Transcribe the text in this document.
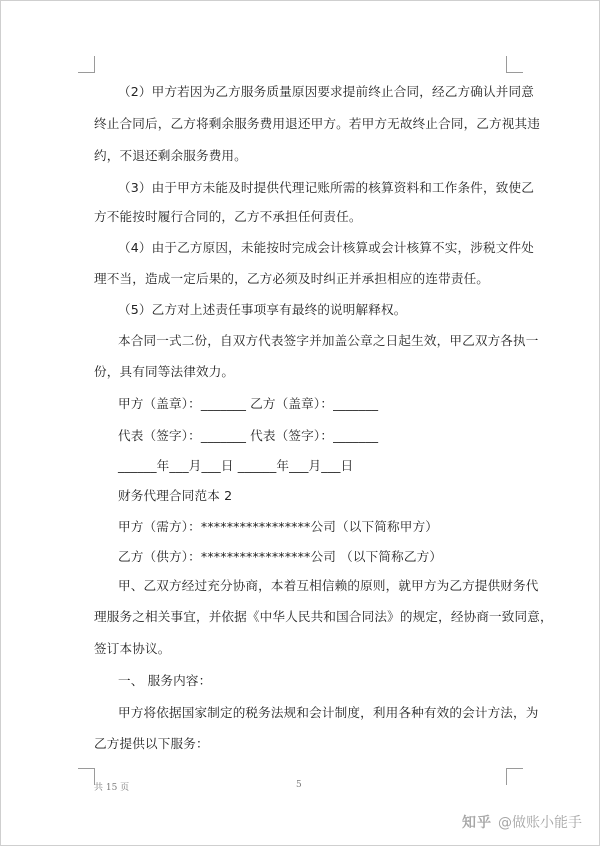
（2）甲方若因为乙方服务质量原因要求提前终止合同，经乙方确认并同意

终止合同后，乙方将剩余服务费用退还甲方。若甲方无故终止合同，乙方视其违

约，不退还剩余服务费用。

（3）由于甲方未能及时提供代理记账所需的核算资料和工作条件，致使乙

方不能按时履行合同的，乙方不承担任何责任。

（4）由于乙方原因，未能按时完成会计核算或会计核算不实，涉税文件处

理不当，造成一定后果的，乙方必须及时纠正并承担相应的连带责任。

（5）乙方对上述责任事项享有最终的说明解释权。

本合同一式二份，自双方代表签字并加盖公章之日起生效，甲乙双方各执一

份，具有同等法律效力。

甲方（盖章）：_______ 乙方（盖章）：_______

代表（签字）：_______ 代表（签字）：_______

______年___月___日 ______年___月___日

财务代理合同范本 2

甲方（需方）：*****************公司（以下简称甲方）

乙方（供方）：*****************公司 （以下简称乙方）

甲、乙双方经过充分协商，本着互相信赖的原则，就甲方为乙方提供财务代

理服务之相关事宜，并依据《中华人民共和国合同法》的规定，经协商一致同意，

签订本协议。

一、 服务内容：

甲方将依据国家制定的税务法规和会计制度，利用各种有效的会计方法，为

乙方提供以下服务：

共 15 页	5
知乎 @做账小能手
